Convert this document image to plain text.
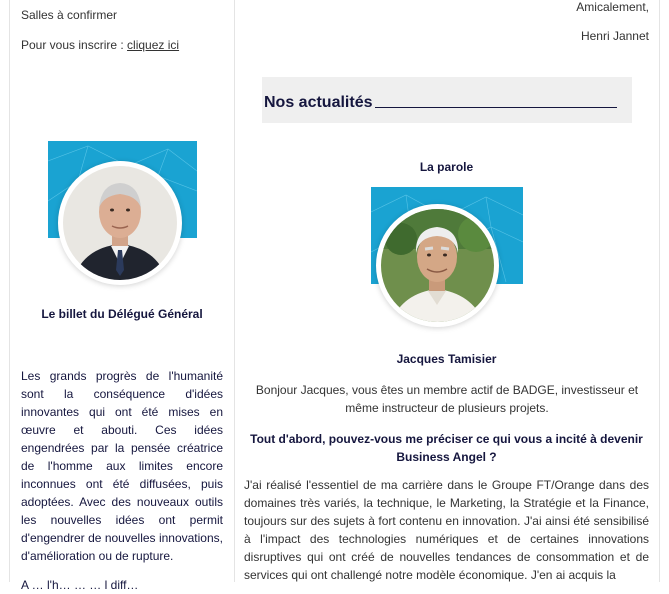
Salles à confirmer
Pour vous inscrire : cliquez ici
Le billet du Délégué Général
Les grands progrès de l'humanité sont la conséquence d'idées innovantes qui ont été mises en œuvre et abouti. Ces idées engendrées par la pensée créatrice de l'homme aux limites encore inconnues ont été diffusées, puis adoptées. Avec des nouveaux outils les nouvelles idées ont permit d'engendrer de nouvelles innovations, d'amélioration ou de rupture.
A … l'h… … … l diff…
Amicalement,
Henri Jannet
Nos actualités
La parole
Jacques Tamisier
Bonjour Jacques, vous êtes un membre actif de BADGE, investisseur et même instructeur de plusieurs projets.
Tout d'abord, pouvez-vous me préciser ce qui vous a incité à devenir Business Angel ?
J'ai réalisé l'essentiel de ma carrière dans le Groupe FT/Orange dans des domaines très variés, la technique, le Marketing, la Stratégie et la Finance, toujours sur des sujets à fort contenu en innovation. J'ai ainsi été sensibilisé à l'impact des technologies numériques et de certaines innovations disruptives qui ont créé de nouvelles tendances de consommation et de services qui ont challengé notre modèle économique. J'en ai acquis la
